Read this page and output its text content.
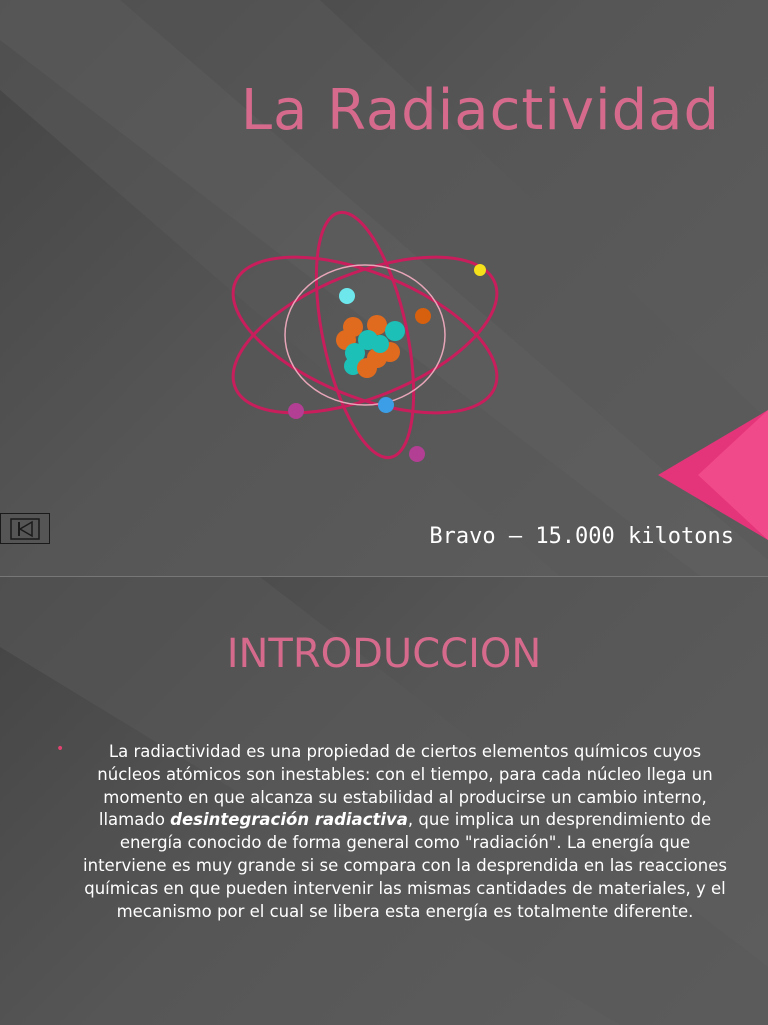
La Radiactividad
Bravo – 15.000 kilotons
INTRODUCCION
•	La radiactividad es una propiedad de ciertos elementos químicos cuyos núcleos atómicos son inestables: con el tiempo, para cada núcleo llega un momento en que alcanza su estabilidad al producirse un cambio interno, llamado desintegración radiactiva, que implica un desprendimiento de energía conocido de forma general como "radiación". La energía que interviene es muy grande si se compara con la desprendida en las reacciones químicas en que pueden intervenir las mismas cantidades de materiales, y el mecanismo por el cual se libera esta energía es totalmente diferente.
